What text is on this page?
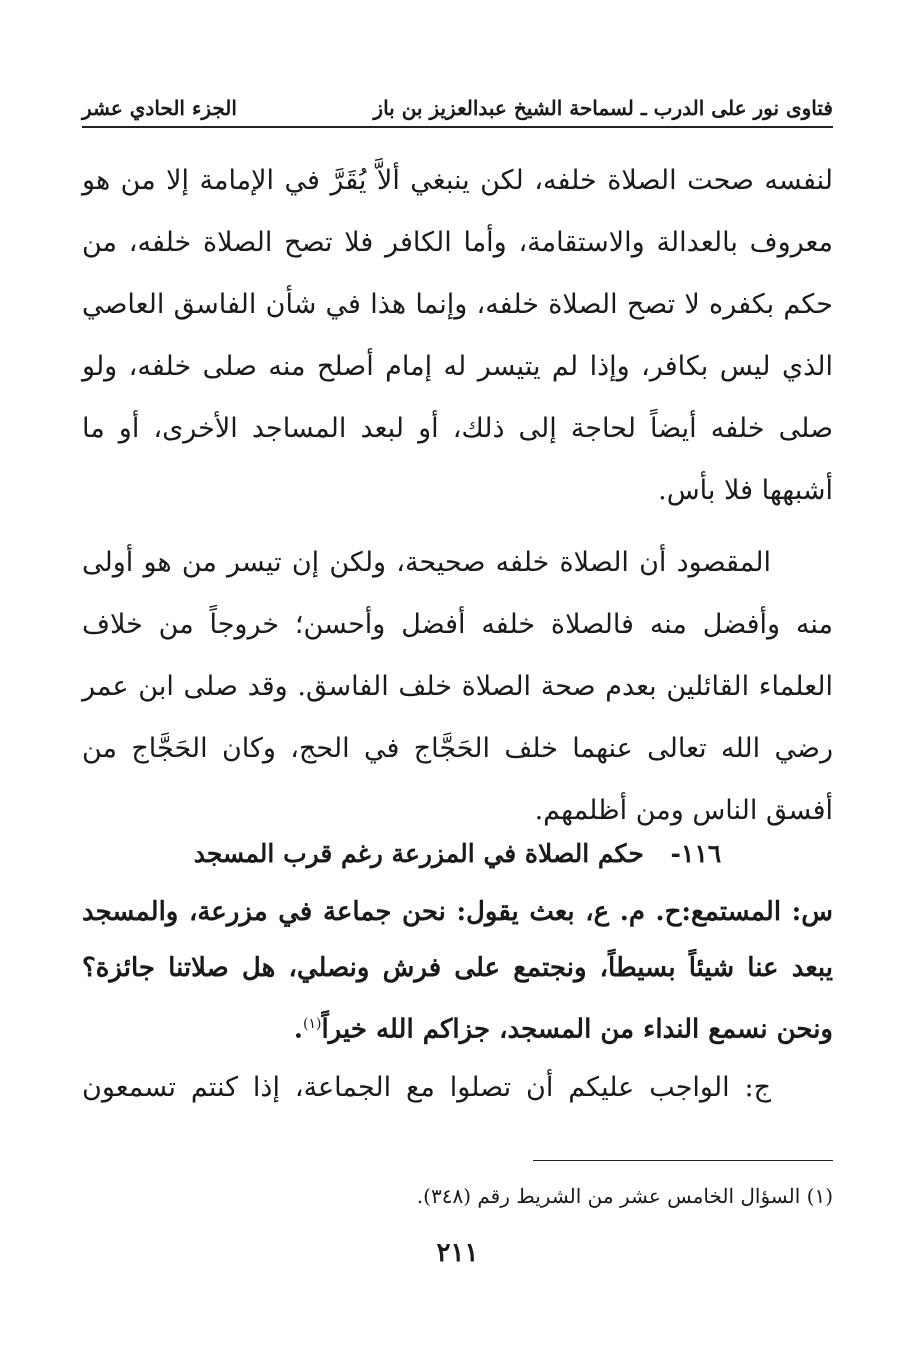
فتاوى نور على الدرب ـ لسماحة الشيخ عبدالعزيز بن باز
الجزء الحادي عشر

لنفسه صحت الصلاة خلفه، لكن ينبغي ألاَّ يُقَرَّ في الإمامة إلا من هو معروف بالعدالة والاستقامة، وأما الكافر فلا تصح الصلاة خلفه، من حكم بكفره لا تصح الصلاة خلفه، وإنما هذا في شأن الفاسق العاصي الذي ليس بكافر، وإذا لم يتيسر له إمام أصلح منه صلى خلفه، ولو صلى خلفه أيضاً لحاجة إلى ذلك، أو لبعد المساجد الأخرى، أو ما أشبهها فلا بأس.

المقصود أن الصلاة خلفه صحيحة، ولكن إن تيسر من هو أولى منه وأفضل منه فالصلاة خلفه أفضل وأحسن؛ خروجاً من خلاف العلماء القائلين بعدم صحة الصلاة خلف الفاسق. وقد صلى ابن عمر رضي الله تعالى عنهما خلف الحَجَّاج في الحج، وكان الحَجَّاج من أفسق الناس ومن أظلمهم.

١١٦- حكم الصلاة في المزرعة رغم قرب المسجد
س: المستمع:ح. م. ع، بعث يقول: نحن جماعة في مزرعة، والمسجد يبعد عنا شيئاً بسيطاً، ونجتمع على فرش ونصلي، هل صلاتنا جائزة؟ ونحن نسمع النداء من المسجد، جزاكم الله خيراً$^{(١)}$.
ج: الواجب عليكم أن تصلوا مع الجماعة، إذا كنتم تسمعون
(١) السؤال الخامس عشر من الشريط رقم (٣٤٨).
٢١١
